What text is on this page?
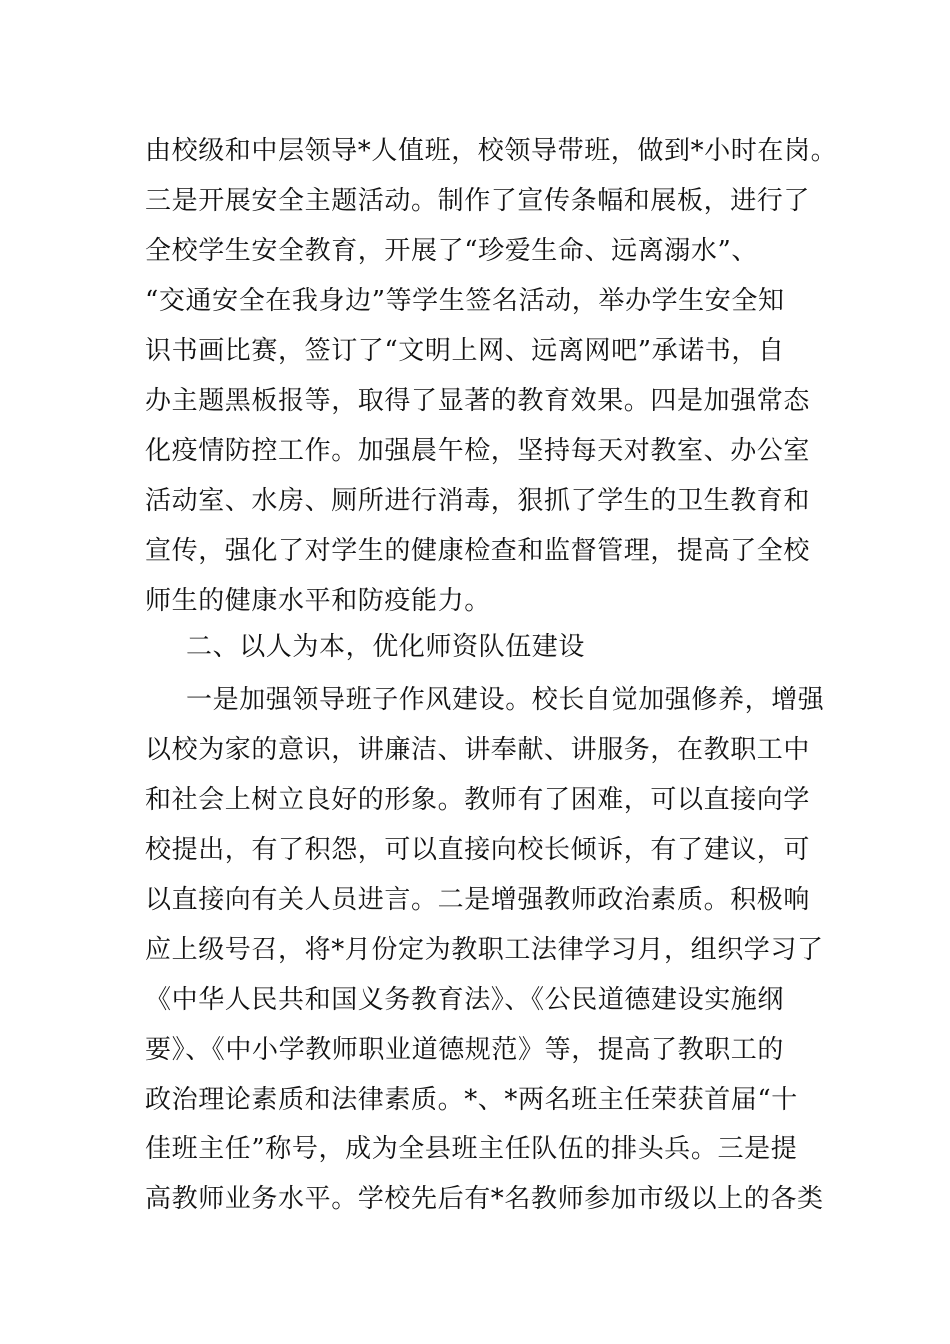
由校级和中层领导*人值班，校领导带班，做到*小时在岗。
三是开展安全主题活动。制作了宣传条幅和展板，进行了
全校学生安全教育，开展了“珍爱生命、远离溺水”、
“交通安全在我身边”等学生签名活动，举办学生安全知
识书画比赛，签订了“文明上网、远离网吧”承诺书，自
办主题黑板报等，取得了显著的教育效果。四是加强常态
化疫情防控工作。加强晨午检，坚持每天对教室、办公室
活动室、水房、厕所进行消毒，狠抓了学生的卫生教育和
宣传，强化了对学生的健康检查和监督管理，提高了全校
师生的健康水平和防疫能力。
二、以人为本，优化师资队伍建设
一是加强领导班子作风建设。校长自觉加强修养，增强
以校为家的意识，讲廉洁、讲奉献、讲服务，在教职工中
和社会上树立良好的形象。教师有了困难，可以直接向学
校提出，有了积怨，可以直接向校长倾诉，有了建议，可
以直接向有关人员进言。二是增强教师政治素质。积极响
应上级号召，将*月份定为教职工法律学习月，组织学习了
《中华人民共和国义务教育法》、《公民道德建设实施纲
要》、《中小学教师职业道德规范》等，提高了教职工的
政治理论素质和法律素质。*、*两名班主任荣获首届“十
佳班主任”称号，成为全县班主任队伍的排头兵。三是提
高教师业务水平。学校先后有*名教师参加市级以上的各类
